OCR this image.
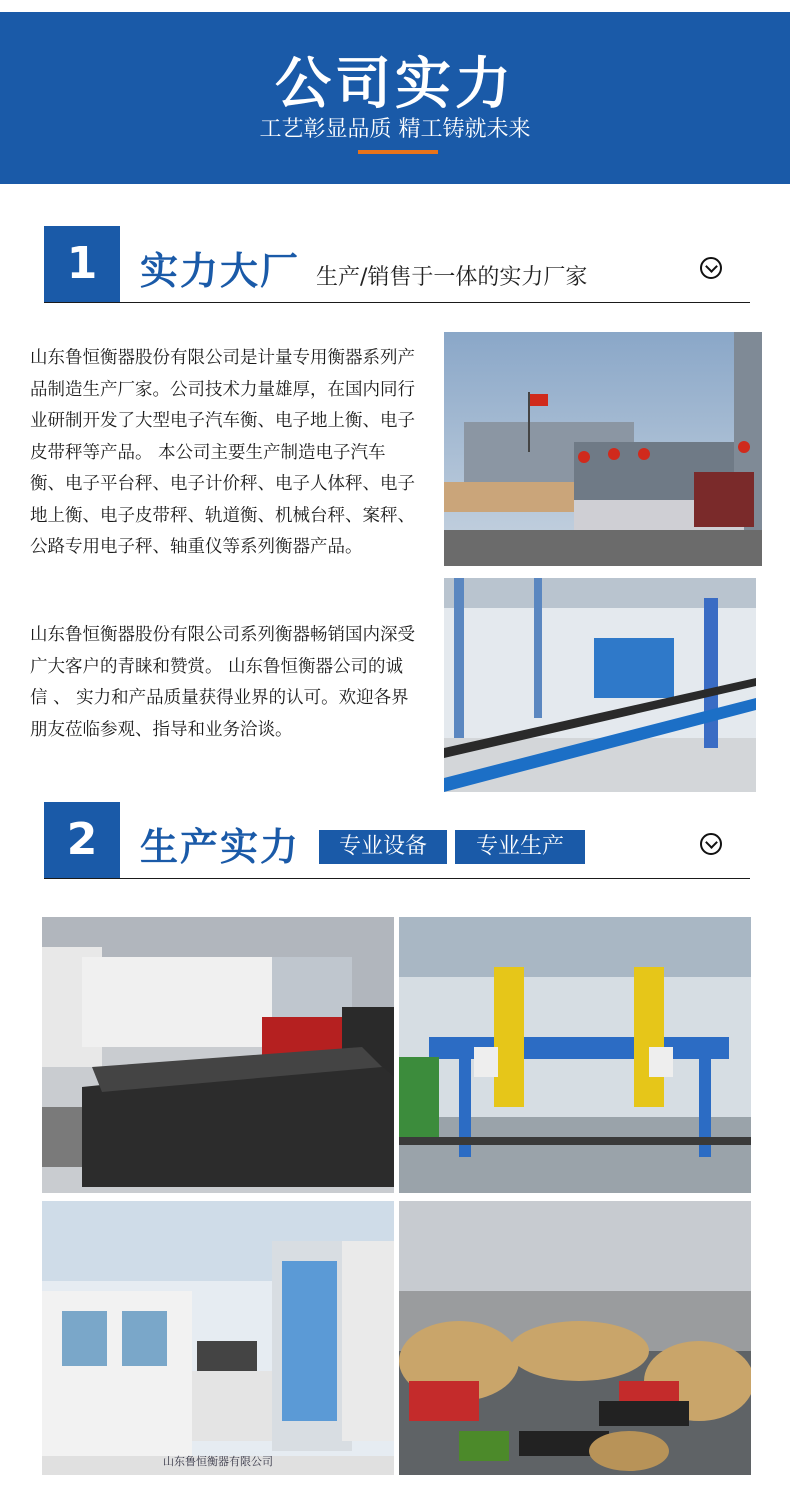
公司实力
工艺彰显品质 精工铸就未来
1	实力大厂 生产/销售于一体的实力厂家
山东鲁恒衡器股份有限公司是计量专用衡器系列产品制造生产厂家。公司技术力量雄厚，在国内同行业研制开发了大型电子汽车衡、电子地上衡、电子皮带秤等产品。 本公司主要生产制造电子汽车衡、电子平台秤、电子计价秤、电子人体秤、电子地上衡、电子皮带秤、轨道衡、机械台秤、案秤、公路专用电子秤、轴重仪等系列衡器产品。
山东鲁恒衡器股份有限公司系列衡器畅销国内深受广大客户的青睐和赞赏。 山东鲁恒衡器公司的诚信 、 实力和产品质量获得业界的认可。欢迎各界朋友莅临参观、指导和业务洽谈。
2	生产实力	专业设备	专业生产
山东鲁恒衡器有限公司
